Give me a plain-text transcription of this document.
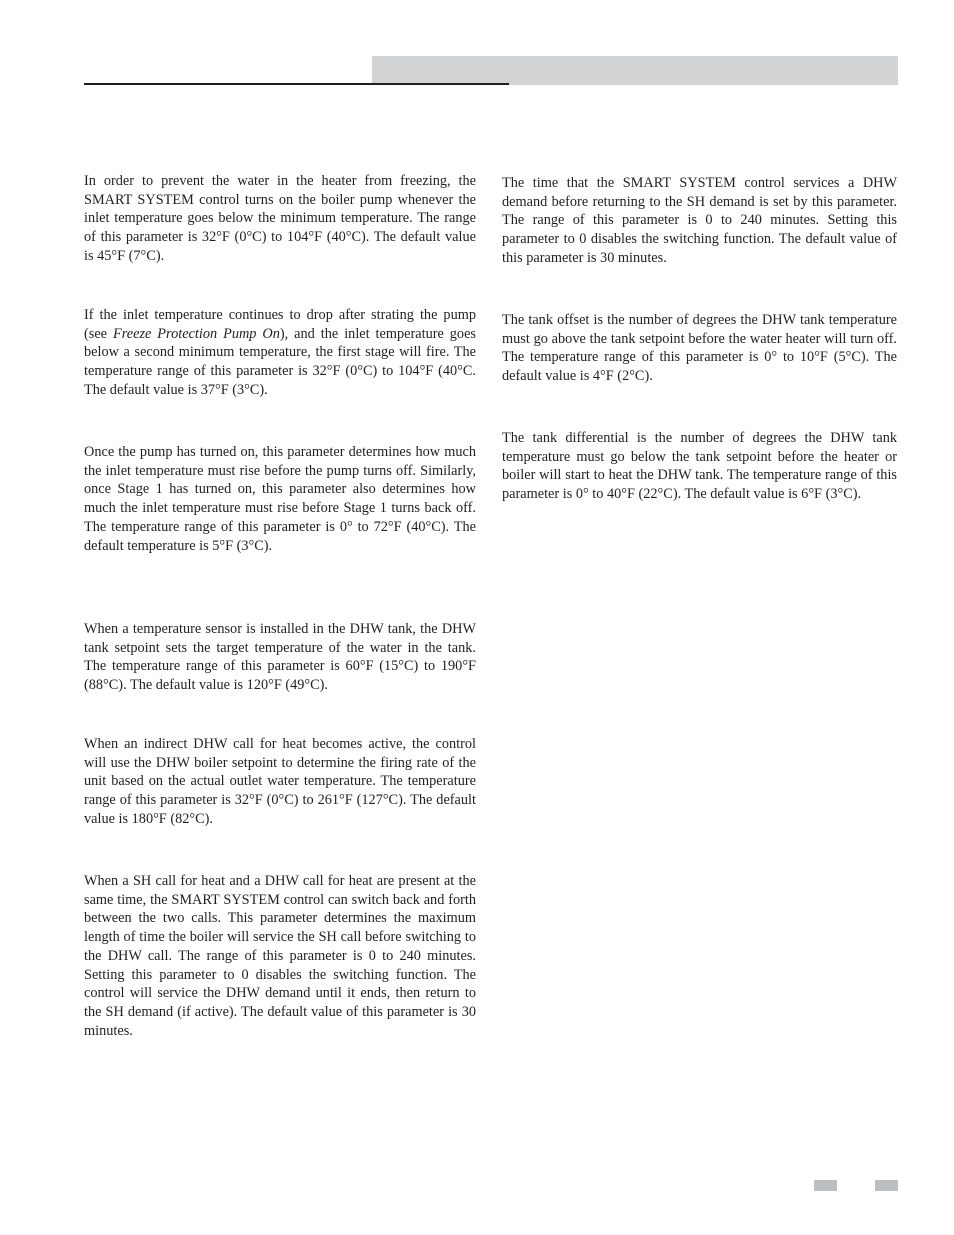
In order to prevent the water in the heater from freezing, the SMART SYSTEM control turns on the boiler pump whenever the inlet temperature goes below the minimum temperature. The range of this parameter is 32°F (0°C) to 104°F (40°C). The default value is 45°F (7°C).

If the inlet temperature continues to drop after strating the pump (see Freeze Protection Pump On), and the inlet temperature goes below a second minimum temperature, the first stage will fire. The temperature range of this parameter is 32°F (0°C) to 104°F (40°C. The default value is 37°F (3°C).

Once the pump has turned on, this parameter determines how much the inlet temperature must rise before the pump turns off. Similarly, once Stage 1 has turned on, this parameter also determines how much the inlet temperature must rise before Stage 1 turns back off. The temperature range of this parameter is 0° to 72°F (40°C). The default temperature is 5°F (3°C).

When a temperature sensor is installed in the DHW tank, the DHW tank setpoint sets the target temperature of the water in the tank. The temperature range of this parameter is 60°F (15°C) to 190°F (88°C). The default value is 120°F (49°C).

When an indirect DHW call for heat becomes active, the control will use the DHW boiler setpoint to determine the firing rate of the unit based on the actual outlet water temperature. The temperature range of this parameter is 32°F (0°C) to 261°F (127°C). The default value is 180°F (82°C).

When a SH call for heat and a DHW call for heat are present at the same time, the SMART SYSTEM control can switch back and forth between the two calls. This parameter determines the maximum length of time the boiler will service the SH call before switching to the DHW call. The range of this parameter is 0 to 240 minutes. Setting this parameter to 0 disables the switching function. The control will service the DHW demand until it ends, then return to the SH demand (if active). The default value of this parameter is 30 minutes.

The time that the SMART SYSTEM control services a DHW demand before returning to the SH demand is set by this parameter. The range of this parameter is 0 to 240 minutes. Setting this parameter to 0 disables the switching function. The default value of this parameter is 30 minutes.

The tank offset is the number of degrees the DHW tank temperature must go above the tank setpoint before the water heater will turn off. The temperature range of this parameter is 0° to 10°F (5°C). The default value is 4°F (2°C).

The tank differential is the number of degrees the DHW tank temperature must go below the tank setpoint before the heater or boiler will start to heat the DHW tank. The temperature range of this parameter is 0° to 40°F (22°C). The default value is 6°F (3°C).
